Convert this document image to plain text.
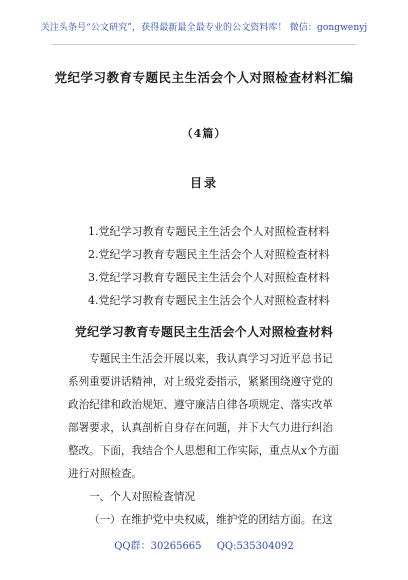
关注头条号“公文研究”，获得最新最全最专业的公文资料库！ 微信：gongwenyj
党纪学习教育专题民主生活会个人对照检查材料汇编
（4篇）
目录
1.党纪学习教育专题民主生活会个人对照检查材料
2.党纪学习教育专题民主生活会个人对照检查材料
3.党纪学习教育专题民主生活会个人对照检查材料
4.党纪学习教育专题民主生活会个人对照检查材料
党纪学习教育专题民主生活会个人对照检查材料
专题民主生活会开展以来，我认真学习习近平总书记
系列重要讲话精神，对上级党委指示，紧紧围绕遵守党的
政治纪律和政治规矩、遵守廉洁自律各项规定、落实改革
部署要求，认真剖析自身存在问题，并下大气力进行纠治
整改。下面，我结合个人思想和工作实际，重点从x个方面
进行对照检查。
一、个人对照检查情况
（一）在维护党中央权威，维护党的团结方面。在这
QQ群：30265665 QQ:535304092
